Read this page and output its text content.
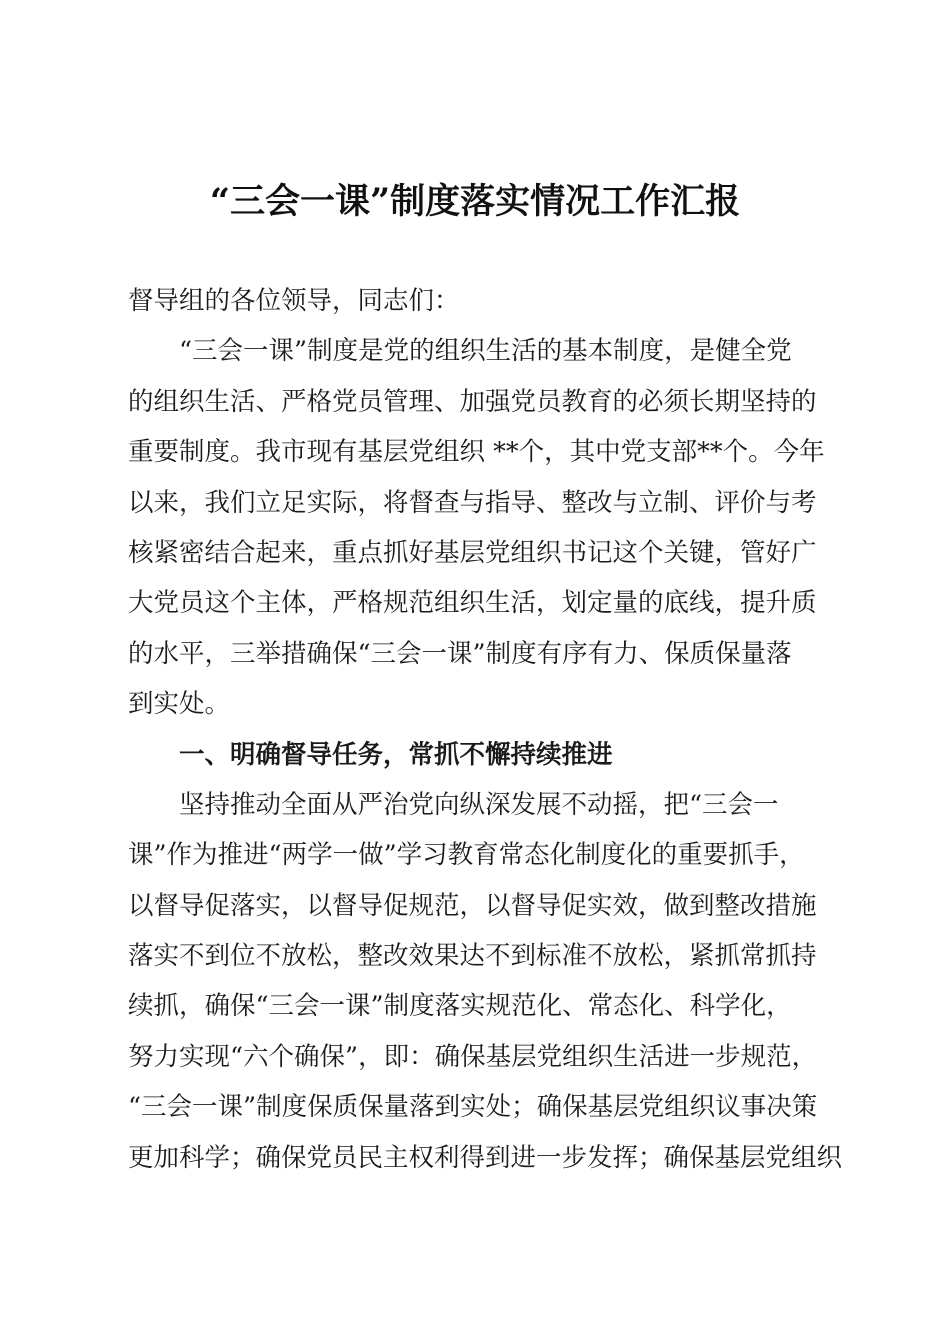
“三会一课”制度落实情况工作汇报
督导组的各位领导，同志们：
“三会一课”制度是党的组织生活的基本制度，是健全党
的组织生活、严格党员管理、加强党员教育的必须长期坚持的
重要制度。我市现有基层党组织 **个，其中党支部**个。今年
以来，我们立足实际，将督查与指导、整改与立制、评价与考
核紧密结合起来，重点抓好基层党组织书记这个关键，管好广
大党员这个主体，严格规范组织生活，划定量的底线，提升质
的水平，三举措确保“三会一课”制度有序有力、保质保量落
到实处。
一、明确督导任务，常抓不懈持续推进
坚持推动全面从严治党向纵深发展不动摇，把“三会一
课”作为推进“两学一做”学习教育常态化制度化的重要抓手，
以督导促落实，以督导促规范，以督导促实效，做到整改措施
落实不到位不放松，整改效果达不到标准不放松，紧抓常抓持
续抓，确保“三会一课”制度落实规范化、常态化、科学化，
努力实现“六个确保”，即：确保基层党组织生活进一步规范，
“三会一课”制度保质保量落到实处；确保基层党组织议事决策
更加科学；确保党员民主权利得到进一步发挥；确保基层党组织
